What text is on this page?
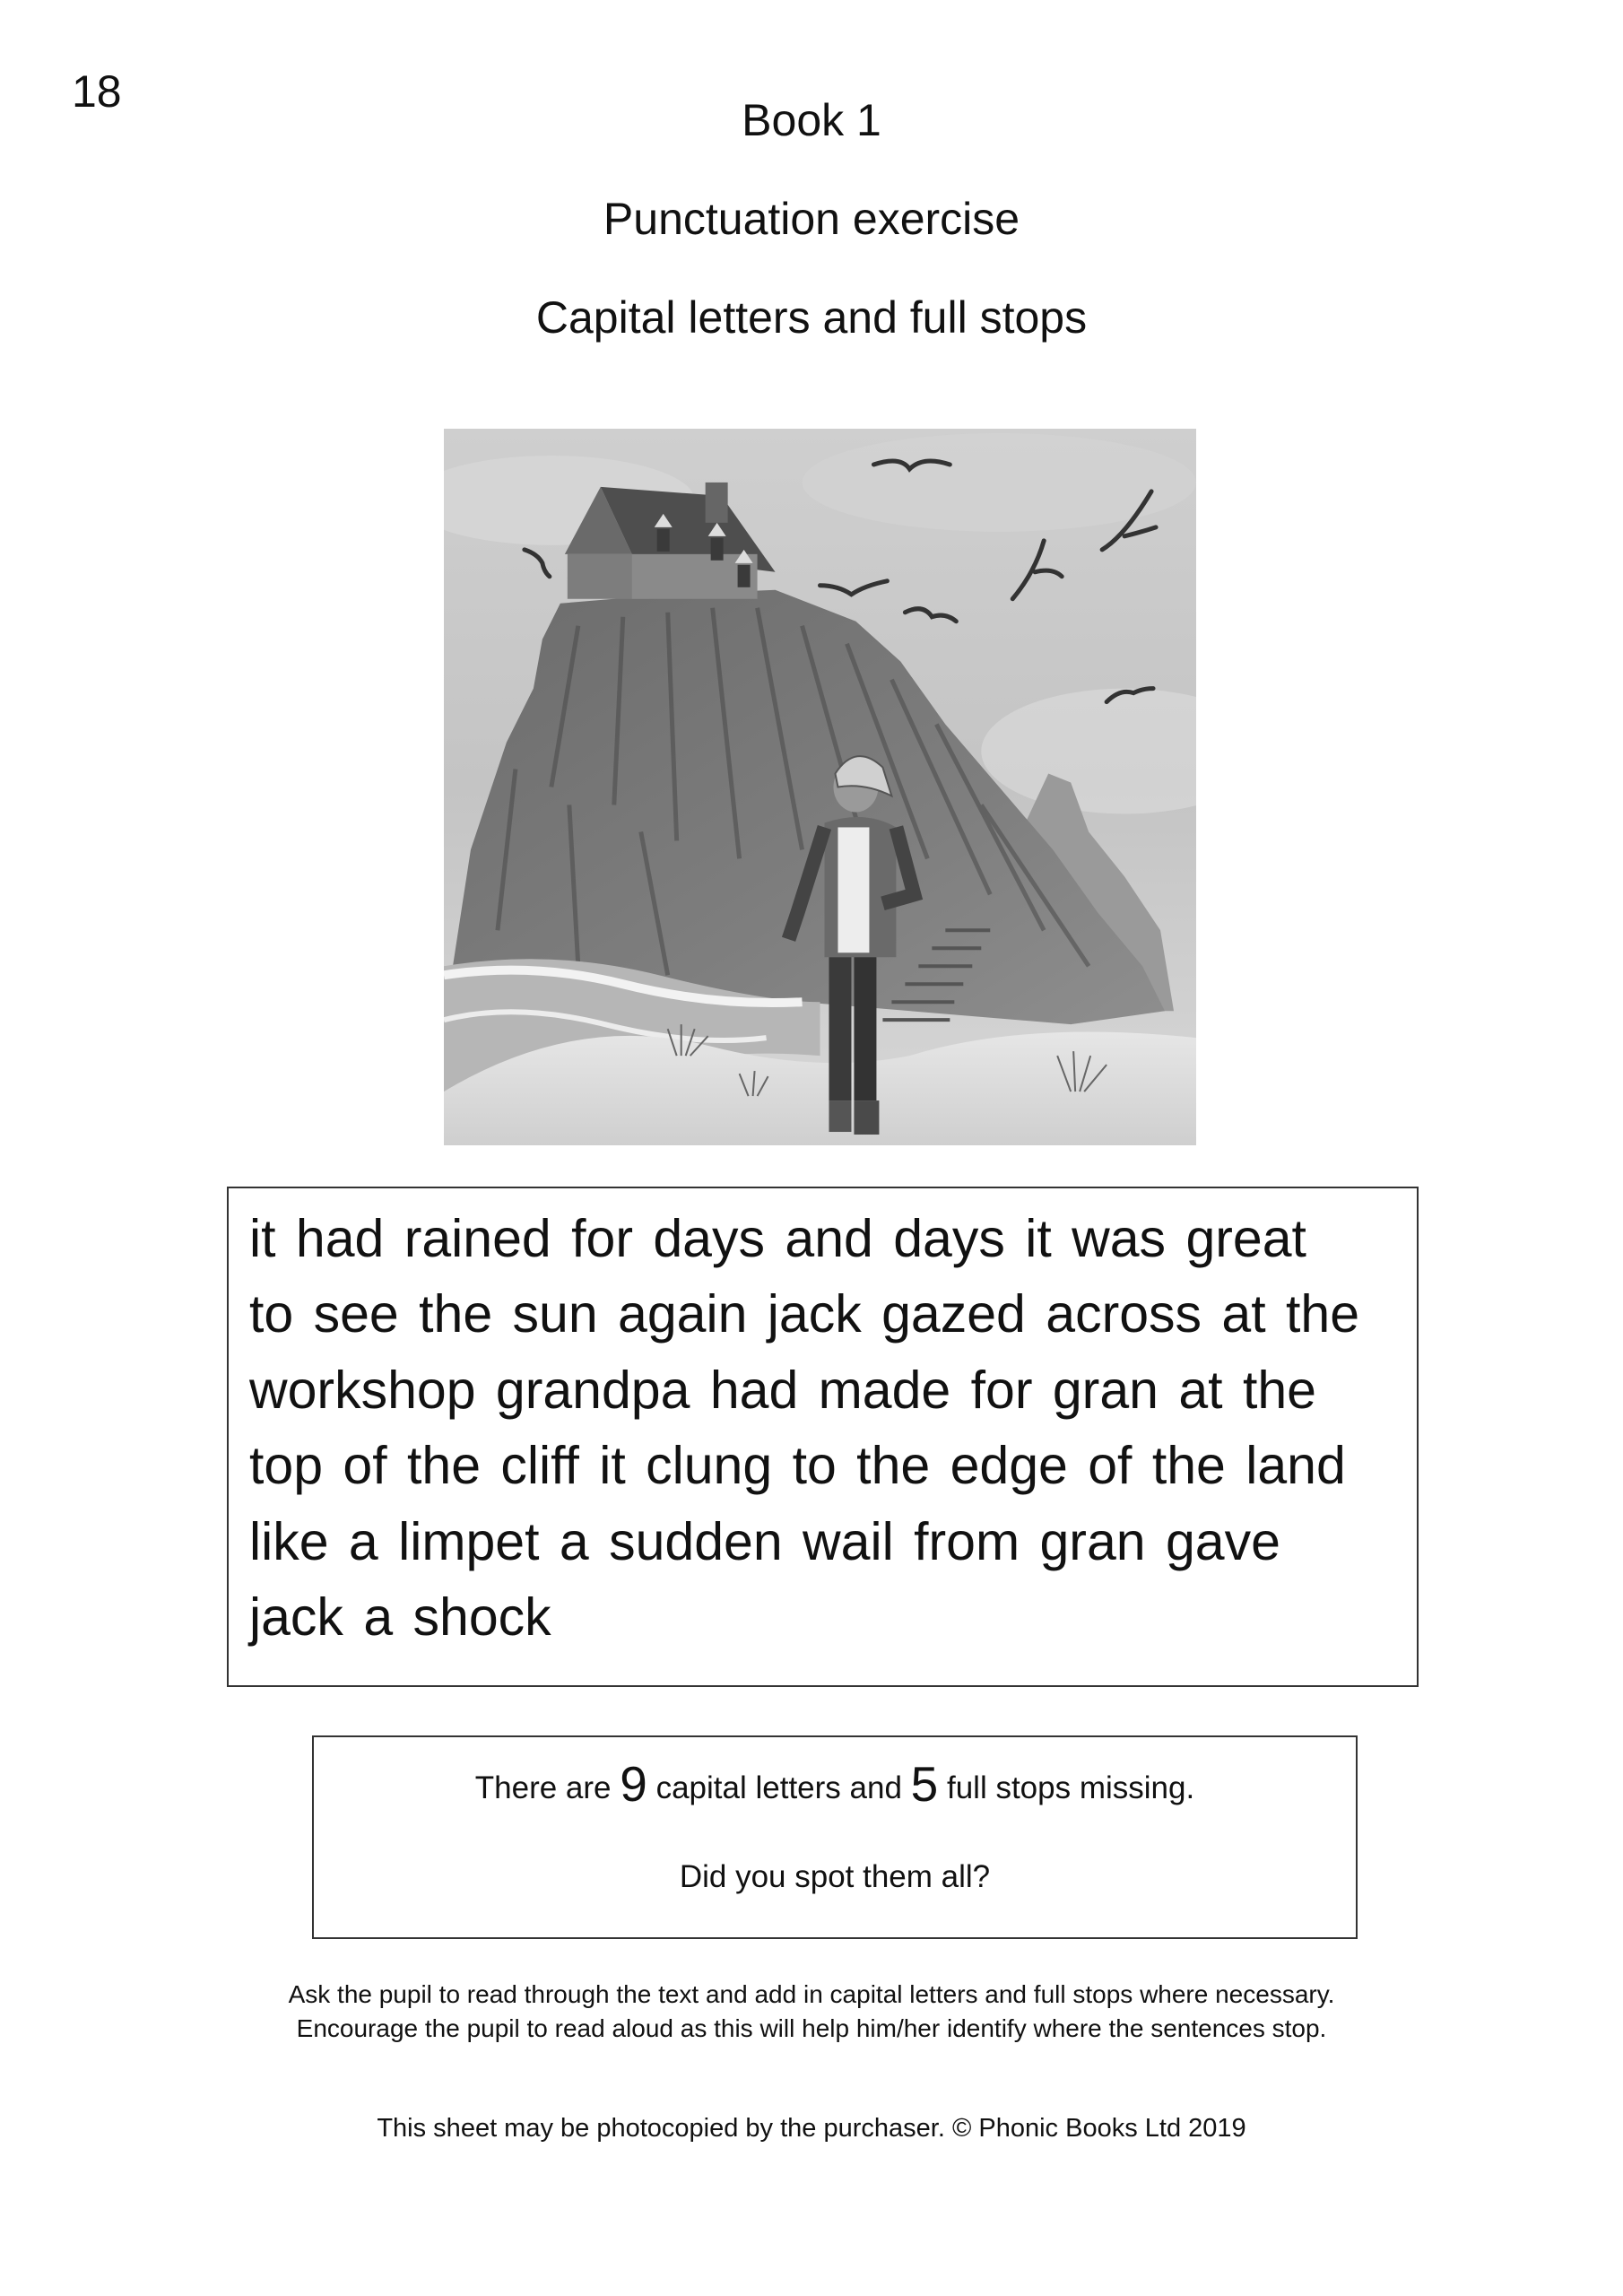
18
Book 1
Punctuation exercise
Capital letters and full stops
it had rained for days and days it was great
to see the sun again jack gazed across at the
workshop grandpa had made for gran at the
top of the cliff it clung to the edge of the land
like a limpet a sudden wail from gran gave
jack a shock
There are 9 capital letters and 5 full stops missing.
Did you spot them all?
Ask the pupil to read through the text and add in capital letters and full stops where necessary.
Encourage the pupil to read aloud as this will help him/her identify where the sentences stop.
This sheet may be photocopied by the purchaser. © Phonic Books Ltd 2019
